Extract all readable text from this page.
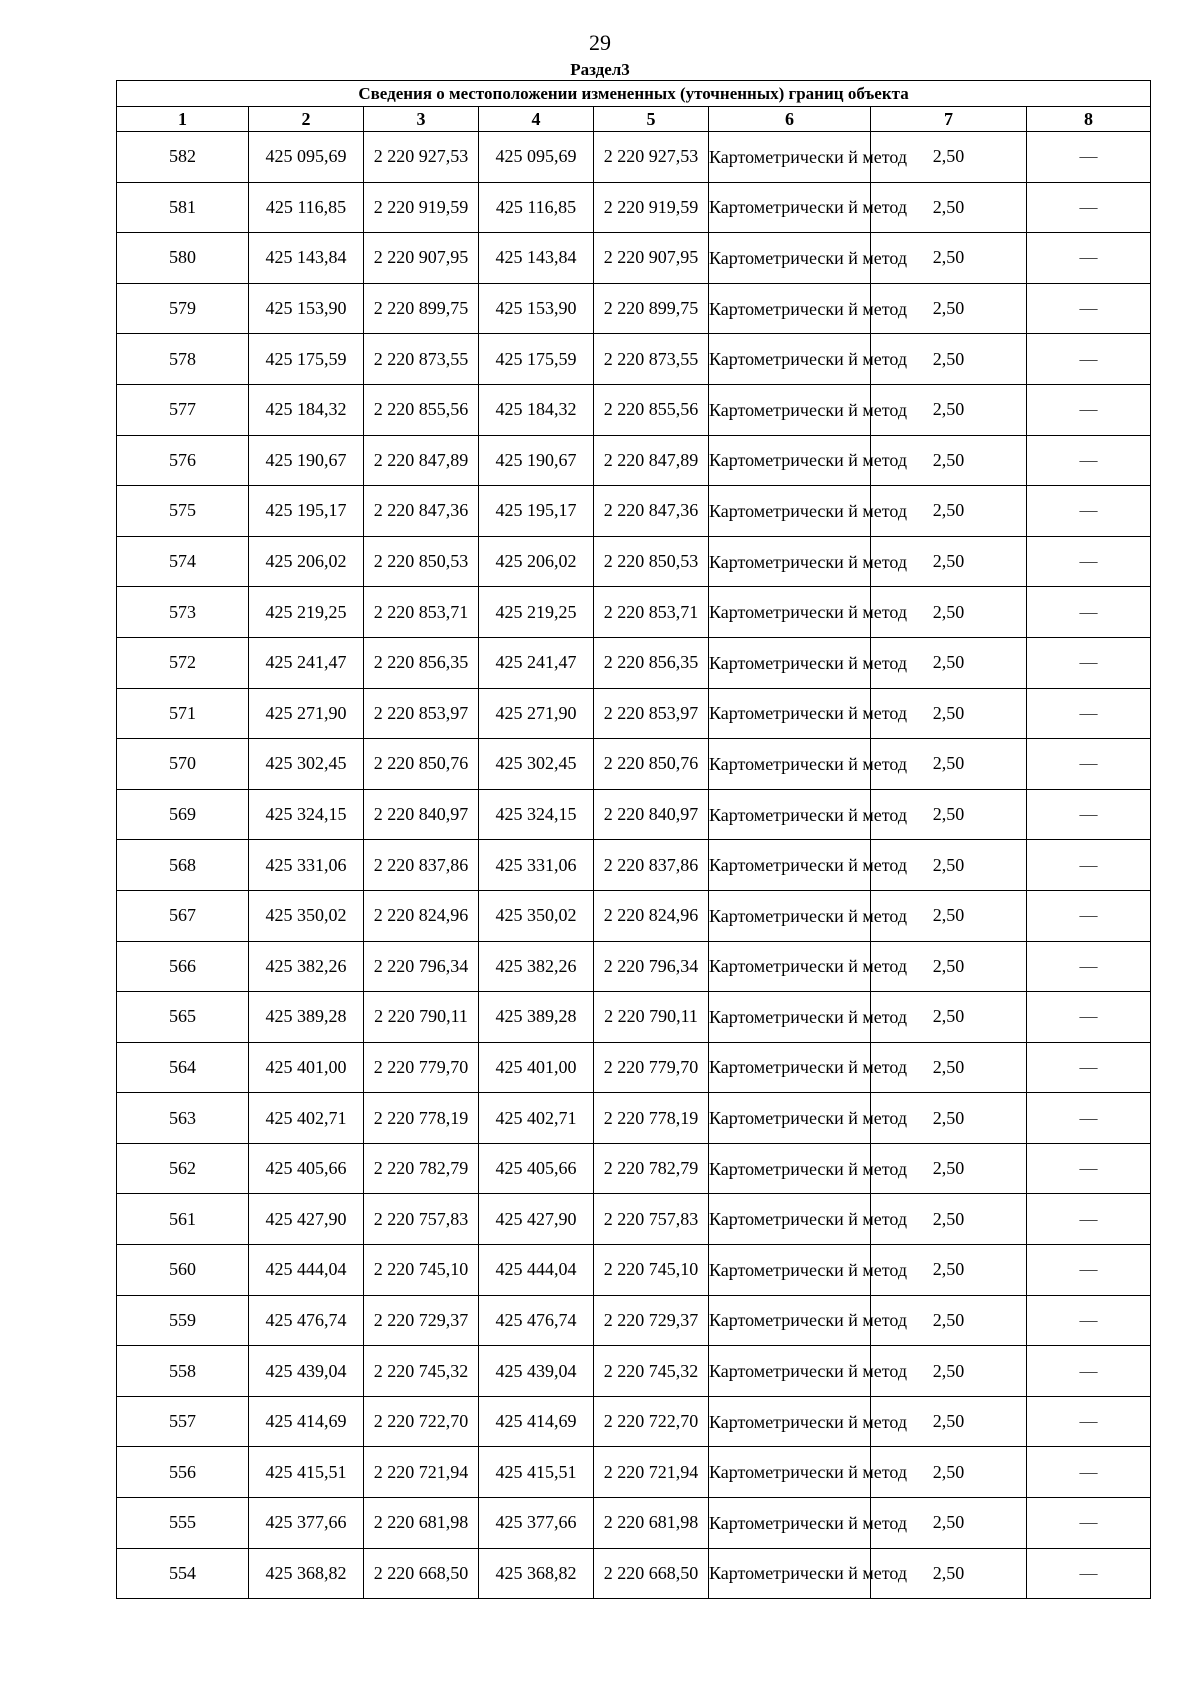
29
Раздел3
Сведения о местоположении измененных (уточненных) границ объекта							
1	2	3	4	5	6	7	8
582	425 095,69	2 220 927,53	425 095,69	2 220 927,53	Картометрически й метод	2,50	—
581	425 116,85	2 220 919,59	425 116,85	2 220 919,59	Картометрически й метод	2,50	—
580	425 143,84	2 220 907,95	425 143,84	2 220 907,95	Картометрически й метод	2,50	—
579	425 153,90	2 220 899,75	425 153,90	2 220 899,75	Картометрически й метод	2,50	—
578	425 175,59	2 220 873,55	425 175,59	2 220 873,55	Картометрически й метод	2,50	—
577	425 184,32	2 220 855,56	425 184,32	2 220 855,56	Картометрически й метод	2,50	—
576	425 190,67	2 220 847,89	425 190,67	2 220 847,89	Картометрически й метод	2,50	—
575	425 195,17	2 220 847,36	425 195,17	2 220 847,36	Картометрически й метод	2,50	—
574	425 206,02	2 220 850,53	425 206,02	2 220 850,53	Картометрически й метод	2,50	—
573	425 219,25	2 220 853,71	425 219,25	2 220 853,71	Картометрически й метод	2,50	—
572	425 241,47	2 220 856,35	425 241,47	2 220 856,35	Картометрически й метод	2,50	—
571	425 271,90	2 220 853,97	425 271,90	2 220 853,97	Картометрически й метод	2,50	—
570	425 302,45	2 220 850,76	425 302,45	2 220 850,76	Картометрически й метод	2,50	—
569	425 324,15	2 220 840,97	425 324,15	2 220 840,97	Картометрически й метод	2,50	—
568	425 331,06	2 220 837,86	425 331,06	2 220 837,86	Картометрически й метод	2,50	—
567	425 350,02	2 220 824,96	425 350,02	2 220 824,96	Картометрически й метод	2,50	—
566	425 382,26	2 220 796,34	425 382,26	2 220 796,34	Картометрически й метод	2,50	—
565	425 389,28	2 220 790,11	425 389,28	2 220 790,11	Картометрически й метод	2,50	—
564	425 401,00	2 220 779,70	425 401,00	2 220 779,70	Картометрически й метод	2,50	—
563	425 402,71	2 220 778,19	425 402,71	2 220 778,19	Картометрически й метод	2,50	—
562	425 405,66	2 220 782,79	425 405,66	2 220 782,79	Картометрически й метод	2,50	—
561	425 427,90	2 220 757,83	425 427,90	2 220 757,83	Картометрически й метод	2,50	—
560	425 444,04	2 220 745,10	425 444,04	2 220 745,10	Картометрически й метод	2,50	—
559	425 476,74	2 220 729,37	425 476,74	2 220 729,37	Картометрически й метод	2,50	—
558	425 439,04	2 220 745,32	425 439,04	2 220 745,32	Картометрически й метод	2,50	—
557	425 414,69	2 220 722,70	425 414,69	2 220 722,70	Картометрически й метод	2,50	—
556	425 415,51	2 220 721,94	425 415,51	2 220 721,94	Картометрически й метод	2,50	—
555	425 377,66	2 220 681,98	425 377,66	2 220 681,98	Картометрически й метод	2,50	—
554	425 368,82	2 220 668,50	425 368,82	2 220 668,50	Картометрически й метод	2,50	—
